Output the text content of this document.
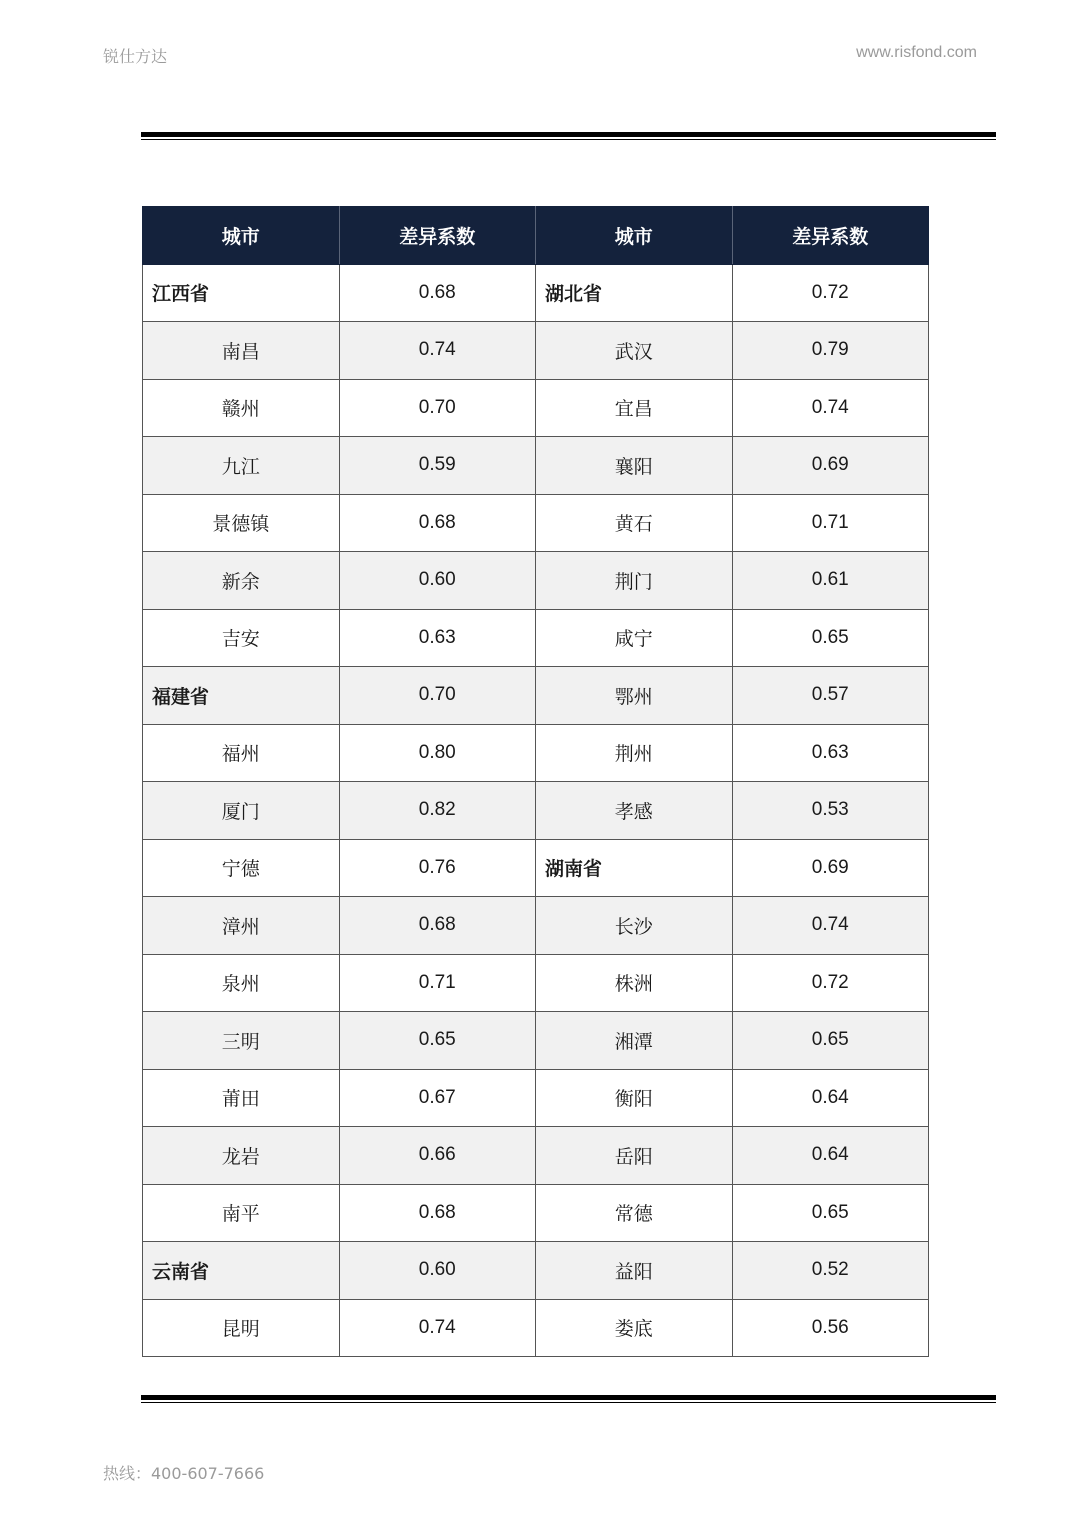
锐仕方达	www.risfond.com
城市	差异系数	城市	差异系数
江西省	0.68	湖北省	0.72
南昌	0.74	武汉	0.79
赣州	0.70	宜昌	0.74
九江	0.59	襄阳	0.69
景德镇	0.68	黄石	0.71
新余	0.60	荆门	0.61
吉安	0.63	咸宁	0.65
福建省	0.70	鄂州	0.57
福州	0.80	荆州	0.63
厦门	0.82	孝感	0.53
宁德	0.76	湖南省	0.69
漳州	0.68	长沙	0.74
泉州	0.71	株洲	0.72
三明	0.65	湘潭	0.65
莆田	0.67	衡阳	0.64
龙岩	0.66	岳阳	0.64
南平	0.68	常德	0.65
云南省	0.60	益阳	0.52
昆明	0.74	娄底	0.56
热线：400-607-7666
